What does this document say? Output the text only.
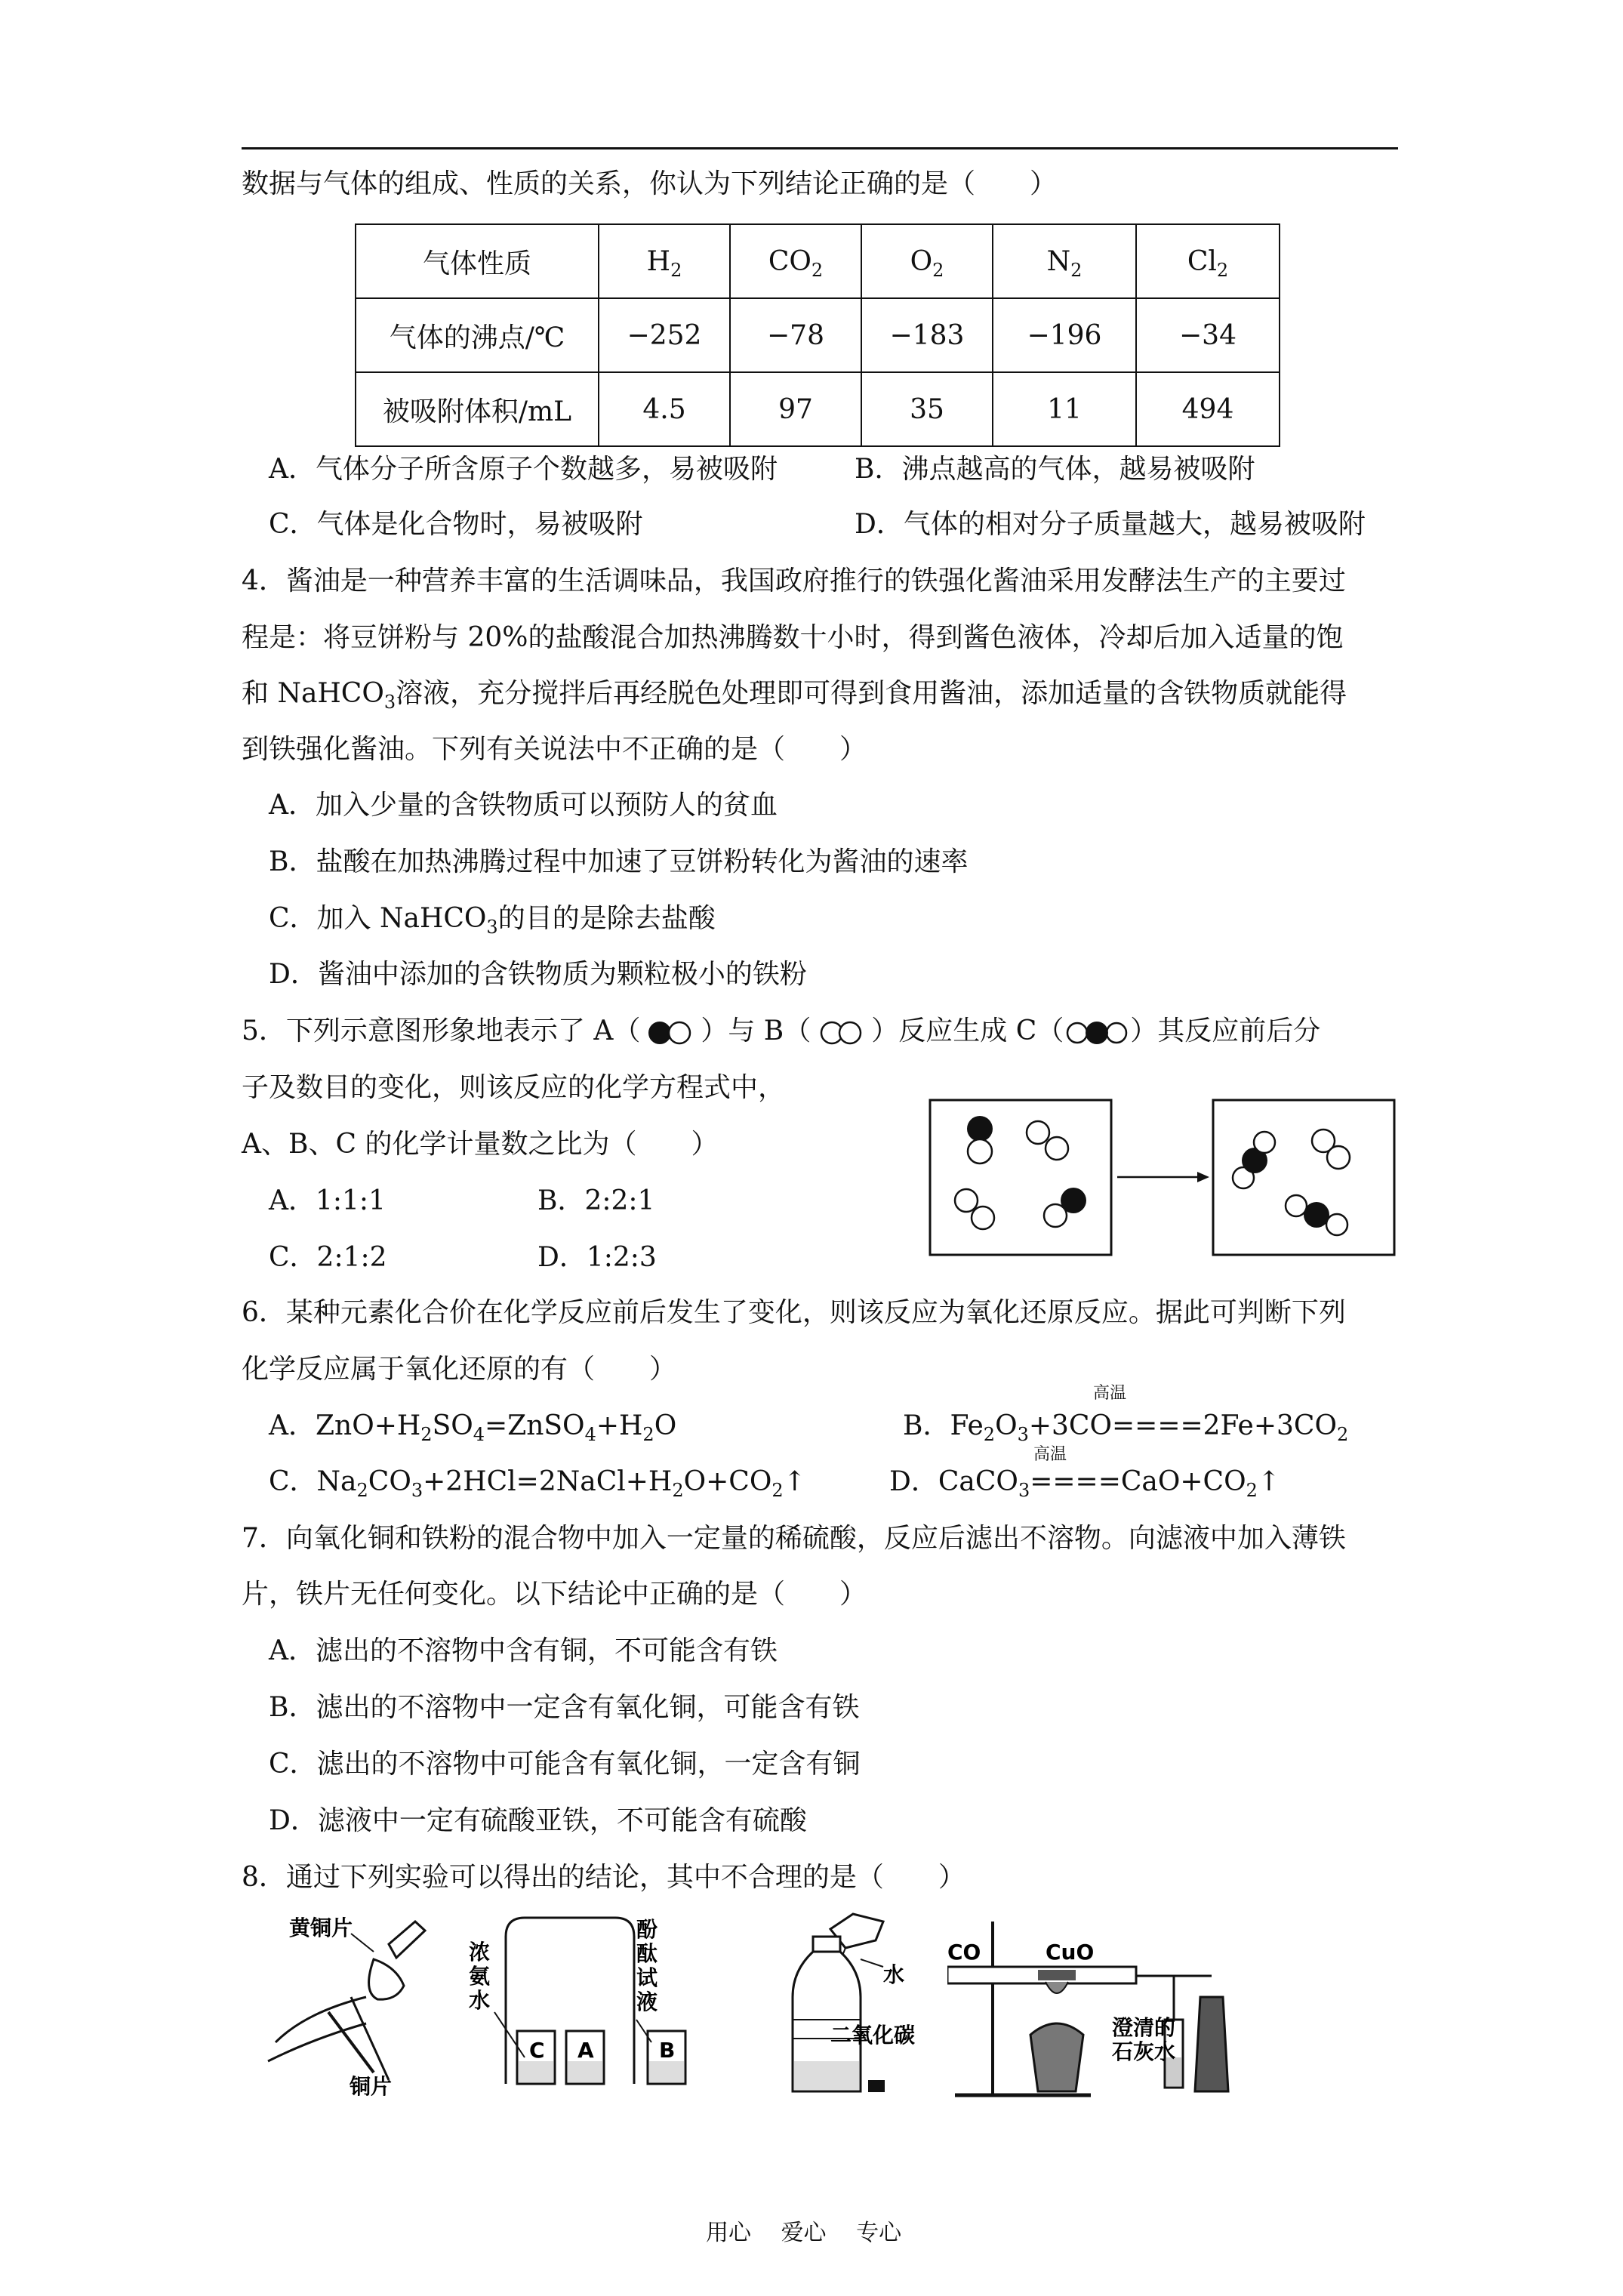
数据与气体的组成、性质的关系，你认为下列结论正确的是（　　）
气体性质	$H_2$	$CO_2$	$O_2$	$N_2$	$Cl_2$
气体的沸点/℃	−252	−78	−183	−196	−34
被吸附体积/mL	4.5	97	35	11	494
A．气体分子所含原子个数越多，易被吸附	B．沸点越高的气体，越易被吸附
C．气体是化合物时，易被吸附	D．气体的相对分子质量越大，越易被吸附
4．酱油是一种营养丰富的生活调味品，我国政府推行的铁强化酱油采用发酵法生产的主要过
程是：将豆饼粉与 20%的盐酸混合加热沸腾数十小时，得到酱色液体，冷却后加入适量的饱
和 NaHCO$_3$溶液，充分搅拌后再经脱色处理即可得到食用酱油，添加适量的含铁物质就能得
到铁强化酱油。下列有关说法中不正确的是（　　）
A．加入少量的含铁物质可以预防人的贫血
B．盐酸在加热沸腾过程中加速了豆饼粉转化为酱油的速率
C．加入 NaHCO$_3$的目的是除去盐酸
D．酱油中添加的含铁物质为颗粒极小的铁粉
5．下列示意图形象地表示了 A（ ）与 B（ ）反应生成 C（ ）其反应前后分
子及数目的变化，则该反应的化学方程式中，
A、B、C 的化学计量数之比为（　　）
A．1:1:1	B．2:2:1
C．2:1:2	D．1:2:3
6．某种元素化合价在化学反应前后发生了变化，则该反应为氧化还原反应。据此可判断下列
化学反应属于氧化还原的有（　　）
高温
A．$ZnO+H_2SO_4=ZnSO_4+H_2O$	B．$Fe_2O_3+3CO====2Fe+3CO_2$
高温
C．$Na_2CO_3+2HCl=2NaCl+H_2O+CO_2↑$	D．$CaCO_3====CaO+CO_2↑$
7．向氧化铜和铁粉的混合物中加入一定量的稀硫酸，反应后滤出不溶物。向滤液中加入薄铁
片，铁片无任何变化。以下结论中正确的是（　　）
A．滤出的不溶物中含有铜，不可能含有铁
B．滤出的不溶物中一定含有氧化铜，可能含有铁
C．滤出的不溶物中可能含有氧化铜，一定含有铜
D．滤液中一定有硫酸亚铁，不可能含有硫酸
8．通过下列实验可以得出的结论，其中不合理的是（　　）
黄铜片
铜片
浓
氨
水
酚
酞
试
液
C A	B
水
二氧化碳
CO	CuO
澄清的
石灰水
用心　 爱心　 专心
